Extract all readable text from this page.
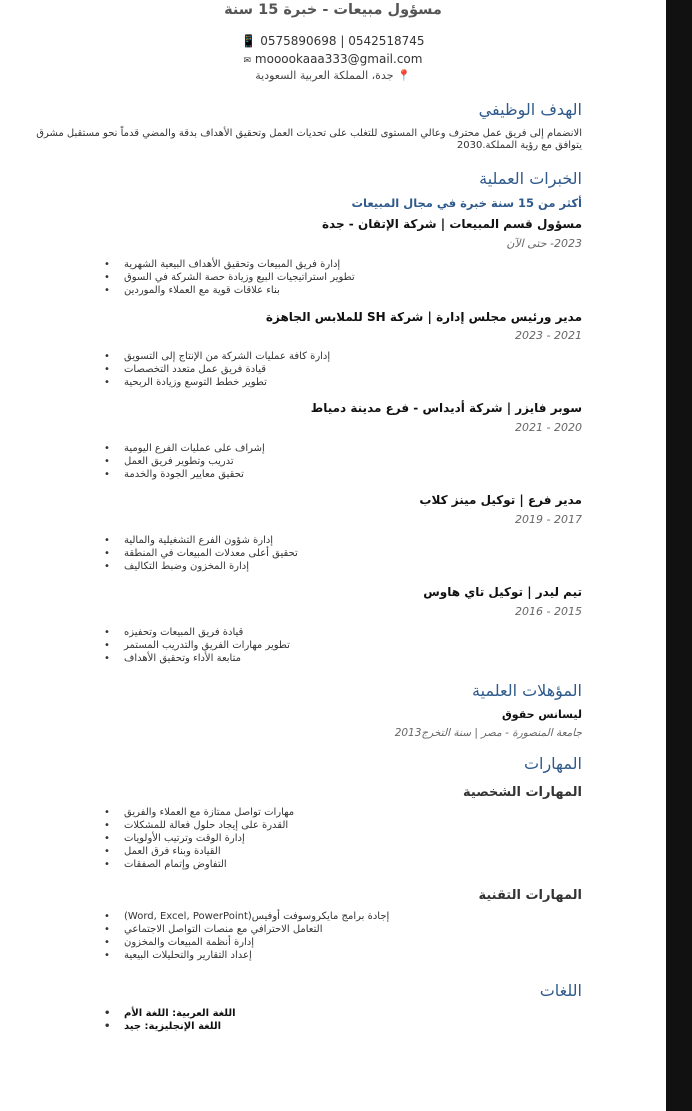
مسؤول مبيعات - خبرة 15 سنة
📱 0575890698 | 0542518745
✉ mooookaaa333@gmail.com
📍 جدة، المملكة العربية السعودية
الهدف الوظيفي
الانضمام إلى فريق عمل محترف وعالي المستوى للتغلب على تحديات العمل وتحقيق الأهداف بدقة والمضي قدماً نحو مستقبل مشرق يتوافق مع رؤية المملكة.2030
الخبرات العملية
أكثر من 15 سنة خبرة في مجال المبيعات
مسؤول قسم المبيعات | شركة الإتقان - جدة
2023- حتى الآن
• إدارة فريق المبيعات وتحقيق الأهداف البيعية الشهرية
• تطوير استراتيجيات البيع وزيادة حصة الشركة في السوق
• بناء علاقات قوية مع العملاء والموردين
مدير ورئيس مجلس إدارة | شركة SH للملابس الجاهزة
2021 - 2023
• إدارة كافة عمليات الشركة من الإنتاج إلى التسويق
• قيادة فريق عمل متعدد التخصصات
• تطوير خطط التوسع وزيادة الربحية
سوبر فايزر | شركة أديداس - فرع مدينة دمياط
2020 - 2021
• إشراف على عمليات الفرع اليومية
• تدريب وتطوير فريق العمل
• تحقيق معايير الجودة والخدمة
مدير فرع | توكيل مينز كلاب
2017 - 2019
• إدارة شؤون الفرع التشغيلية والمالية
• تحقيق أعلى معدلات المبيعات في المنطقة
• إدارة المخزون وضبط التكاليف
تيم ليدر | توكيل تاي هاوس
2015 - 2016
• قيادة فريق المبيعات وتحفيزه
• تطوير مهارات الفريق والتدريب المستمر
• متابعة الأداء وتحقيق الأهداف
المؤهلات العلمية
ليسانس حقوق
جامعة المنصورة - مصر | سنة التخرج2013
المهارات
المهارات الشخصية
• مهارات تواصل ممتازة مع العملاء والفريق
• القدرة على إيجاد حلول فعالة للمشكلات
• إدارة الوقت وترتيب الأولويات
• القيادة وبناء فرق العمل
• التفاوض وإتمام الصفقات
المهارات التقنية
• إجادة برامج مايكروسوفت أوفيس(Word, Excel, PowerPoint)
• التعامل الاحترافي مع منصات التواصل الاجتماعي
• إدارة أنظمة المبيعات والمخزون
• إعداد التقارير والتحليلات البيعية
اللغات
• اللغة العربية: اللغة الأم
• اللغة الإنجليزية: جيد
